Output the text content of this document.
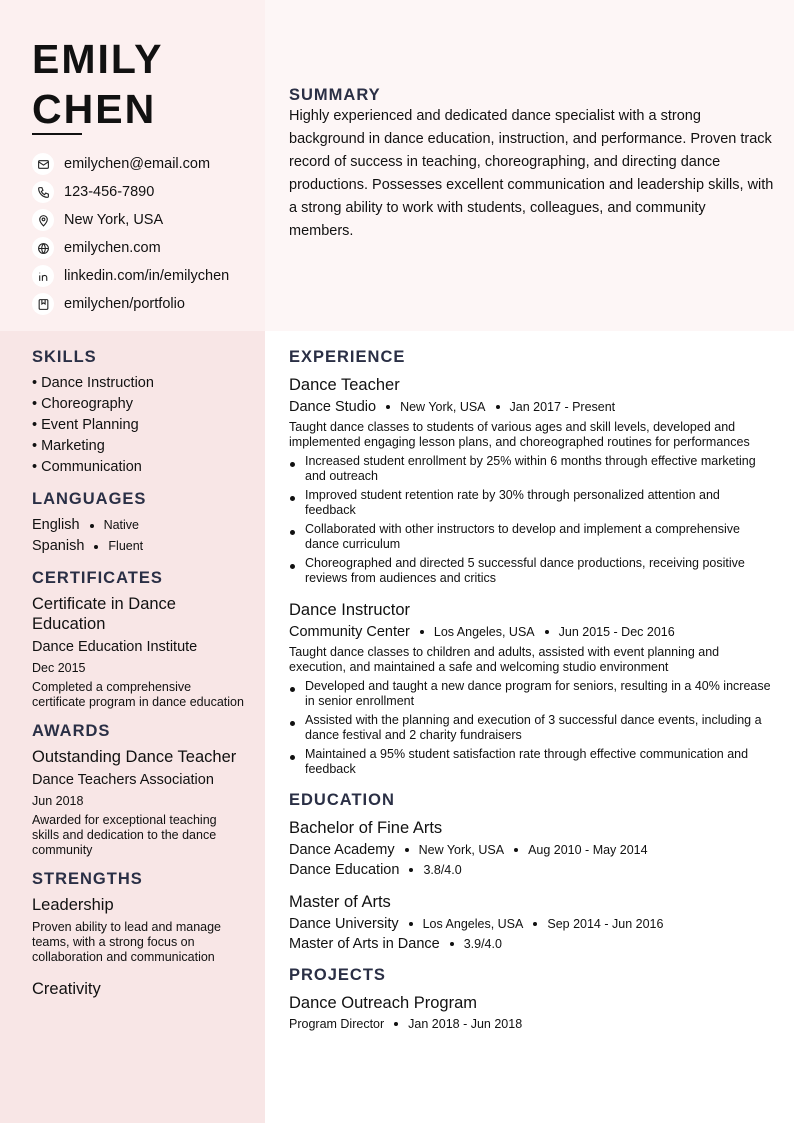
EMILY
CHEN
emilychen@email.com
123-456-7890
New York, USA
emilychen.com
linkedin.com/in/emilychen
emilychen/portfolio
SUMMARY

Highly experienced and dedicated dance specialist with a strong background in dance education, instruction, and performance. Proven track record of success in teaching, choreographing, and directing dance productions. Possesses excellent communication and leadership skills, with a strong ability to work with students, colleagues, and community members.

SKILLS
• Dance Instruction
• Choreography
• Event Planning
• Marketing
• Communication
LANGUAGES
English Native
Spanish Fluent
CERTIFICATES
Certificate in Dance Education
Dance Education Institute
Dec 2015
Completed a comprehensive certificate program in dance education
AWARDS
Outstanding Dance Teacher
Dance Teachers Association
Jun 2018
Awarded for exceptional teaching skills and dedication to the dance community
STRENGTHS
Leadership
Proven ability to lead and manage teams, with a strong focus on collaboration and communication
Creativity
EXPERIENCE
Dance Teacher
Dance Studio New York, USA Jan 2017 - Present
Taught dance classes to students of various ages and skill levels, developed and implemented engaging lesson plans, and choreographed routines for performances
Increased student enrollment by 25% within 6 months through effective marketing and outreach
Improved student retention rate by 30% through personalized attention and feedback
Collaborated with other instructors to develop and implement a comprehensive dance curriculum
Choreographed and directed 5 successful dance productions, receiving positive reviews from audiences and critics
Dance Instructor
Community Center Los Angeles, USA Jun 2015 - Dec 2016
Taught dance classes to children and adults, assisted with event planning and execution, and maintained a safe and welcoming studio environment
Developed and taught a new dance program for seniors, resulting in a 40% increase in senior enrollment
Assisted with the planning and execution of 3 successful dance events, including a dance festival and 2 charity fundraisers
Maintained a 95% student satisfaction rate through effective communication and feedback
EDUCATION
Bachelor of Fine Arts
Dance Academy New York, USA Aug 2010 - May 2014
Dance Education 3.8/4.0
Master of Arts
Dance University Los Angeles, USA Sep 2014 - Jun 2016
Master of Arts in Dance 3.9/4.0
PROJECTS
Dance Outreach Program
Program Director Jan 2018 - Jun 2018
